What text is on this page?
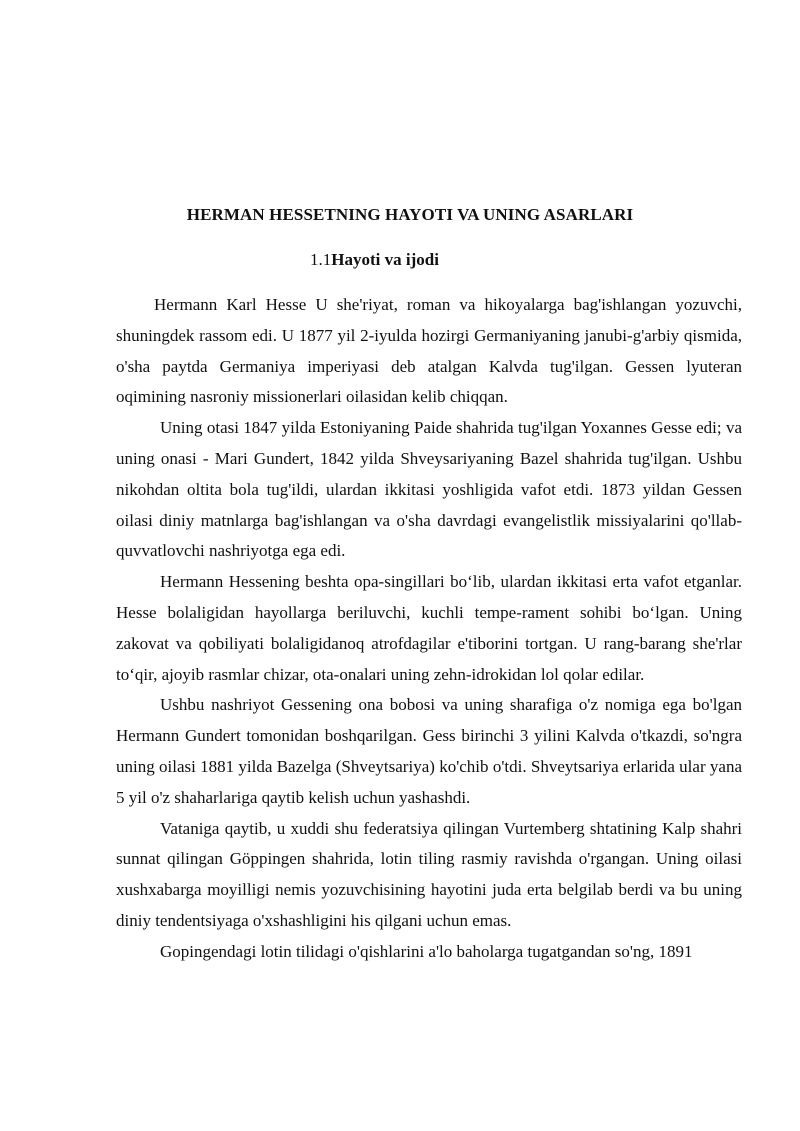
HERMAN HESSETNING HAYOTI VA UNING ASARLARI
1.1Hayoti va ijodi

Hermann Karl Hesse U she'riyat, roman va hikoyalarga bag'ishlangan yozuvchi, shuningdek rassom edi. U 1877 yil 2-iyulda hozirgi Germaniyaning janubi-g'arbiy qismida, o'sha paytda Germaniya imperiyasi deb atalgan Kalvda tug'ilgan. Gessen lyuteran oqimining nasroniy missionerlari oilasidan kelib chiqqan.

Uning otasi 1847 yilda Estoniyaning Paide shahrida tug'ilgan Yoxannes Gesse edi; va uning onasi - Mari Gundert, 1842 yilda Shveysariyaning Bazel shahrida tug'ilgan. Ushbu nikohdan oltita bola tug'ildi, ulardan ikkitasi yoshligida vafot etdi. 1873 yildan Gessen oilasi diniy matnlarga bag'ishlangan va o'sha davrdagi evangelistlik missiyalarini qo'llab-quvvatlovchi nashriyotga ega edi.

Hermann Hessening beshta opa-singillari bo‘lib, ulardan ikkitasi erta vafot etganlar. Hesse bolaligidan hayollarga beriluvchi, kuchli tempe-rament sohibi bo‘lgan. Uning zakovat va qobiliyati bolaligidanoq atrofdagilar e'tiborini tortgan. U rang-barang she'rlar to‘qir, ajoyib rasmlar chizar, ota-onalari uning zehn-idrokidan lol qolar edilar.

Ushbu nashriyot Gessening ona bobosi va uning sharafiga o'z nomiga ega bo'lgan Hermann Gundert tomonidan boshqarilgan. Gess birinchi 3 yilini Kalvda o'tkazdi, so'ngra uning oilasi 1881 yilda Bazelga (Shveytsariya) ko'chib o'tdi. Shveytsariya erlarida ular yana 5 yil o'z shaharlariga qaytib kelish uchun yashashdi.

Vataniga qaytib, u xuddi shu federatsiya qilingan Vurtemberg shtatining Kalp shahri sunnat qilingan Göppingen shahrida, lotin tiling rasmiy ravishda o'rgangan. Uning oilasi xushxabarga moyilligi nemis yozuvchisining hayotini juda erta belgilab berdi va bu uning diniy tendentsiyaga o'xshashligini his qilgani uchun emas.

Gopingendagi lotin tilidagi o'qishlarini a'lo baholarga tugatgandan so'ng, 1891
